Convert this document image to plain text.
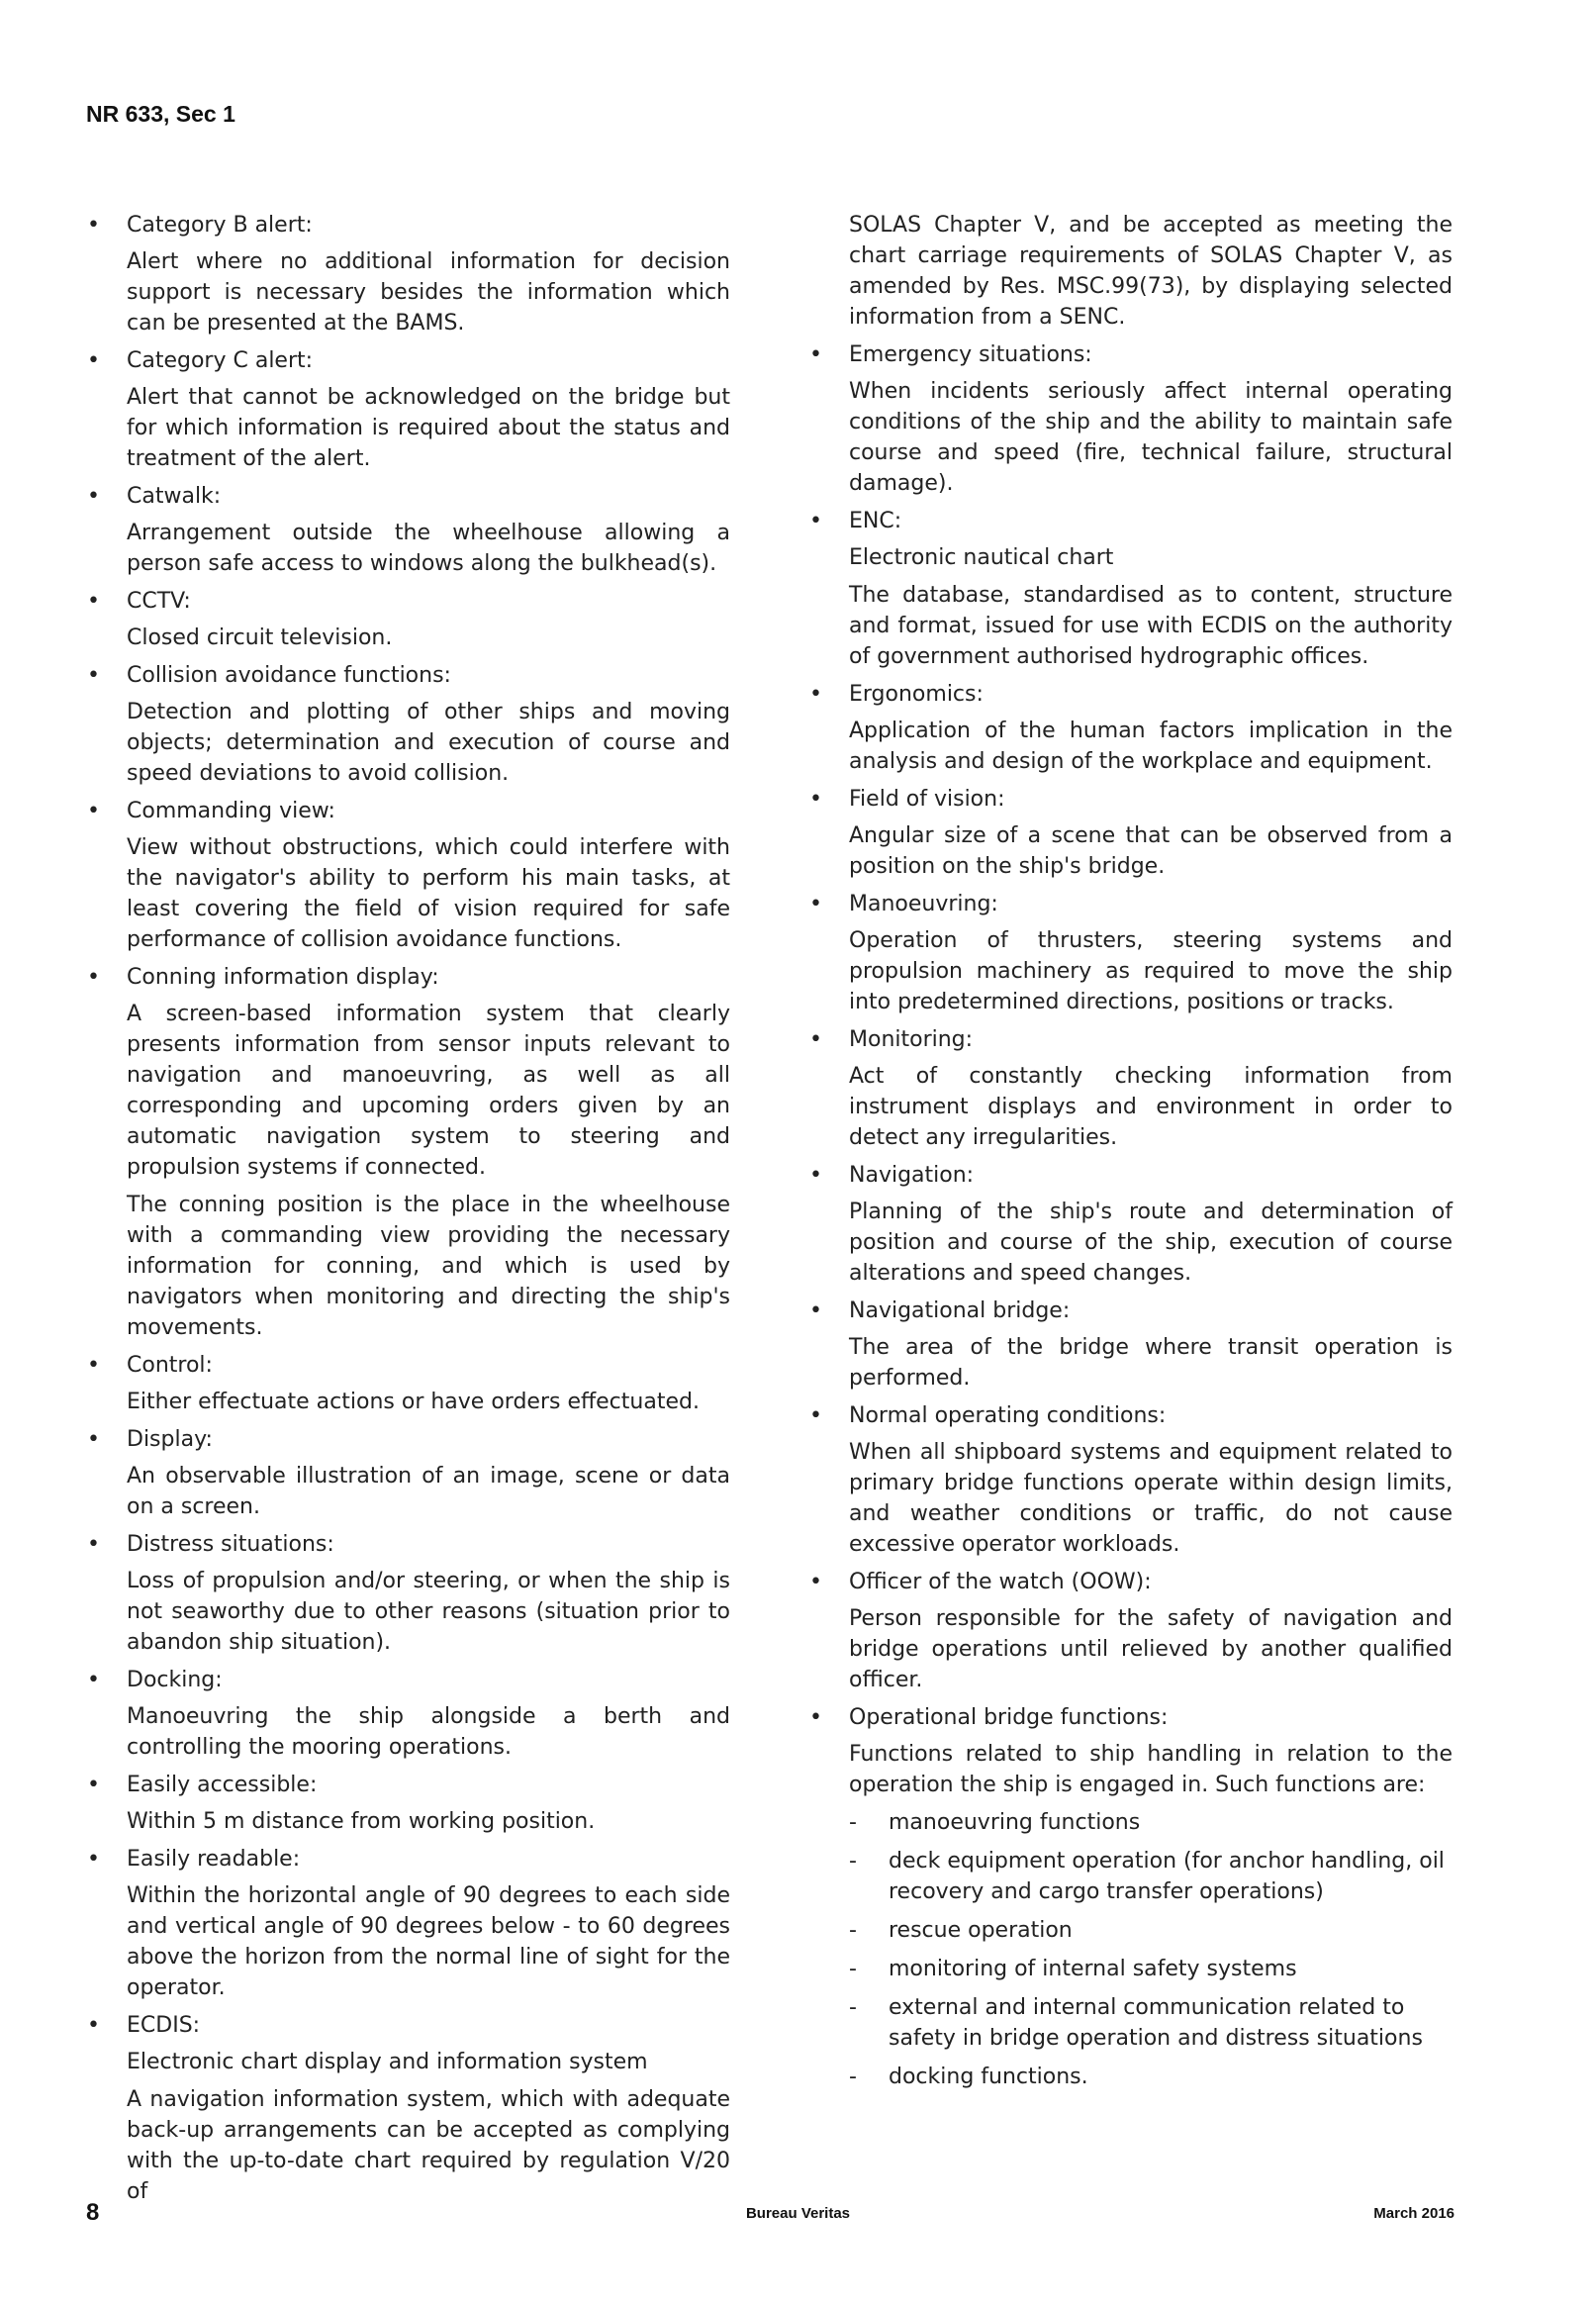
NR 633, Sec 1
• Category B alert:

Alert where no additional information for decision support is necessary besides the information which can be presented at the BAMS.

• Category C alert:

Alert that cannot be acknowledged on the bridge but for which information is required about the status and treatment of the alert.

• Catwalk:

Arrangement outside the wheelhouse allowing a person safe access to windows along the bulkhead(s).

• CCTV:

Closed circuit television.

• Collision avoidance functions:

Detection and plotting of other ships and moving objects; determination and execution of course and speed deviations to avoid collision.

• Commanding view:

View without obstructions, which could interfere with the navigator's ability to perform his main tasks, at least covering the field of vision required for safe performance of collision avoidance functions.

• Conning information display:

A screen-based information system that clearly presents information from sensor inputs relevant to navigation and manoeuvring, as well as all corresponding and upcoming orders given by an automatic navigation system to steering and propulsion systems if connected.

The conning position is the place in the wheelhouse with a commanding view providing the necessary information for conning, and which is used by navigators when monitoring and directing the ship's movements.

• Control:

Either effectuate actions or have orders effectuated.

• Display:

An observable illustration of an image, scene or data on a screen.

• Distress situations:

Loss of propulsion and/or steering, or when the ship is not seaworthy due to other reasons (situation prior to abandon ship situation).

• Docking:

Manoeuvring the ship alongside a berth and controlling the mooring operations.

• Easily accessible:

Within 5 m distance from working position.

• Easily readable:

Within the horizontal angle of 90 degrees to each side and vertical angle of 90 degrees below - to 60 degrees above the horizon from the normal line of sight for the operator.

• ECDIS:

Electronic chart display and information system

A navigation information system, which with adequate back-up arrangements can be accepted as complying with the up-to-date chart required by regulation V/20 of

SOLAS Chapter V, and be accepted as meeting the chart carriage requirements of SOLAS Chapter V, as amended by Res. MSC.99(73), by displaying selected information from a SENC.

• Emergency situations:

When incidents seriously affect internal operating conditions of the ship and the ability to maintain safe course and speed (fire, technical failure, structural damage).

• ENC:

Electronic nautical chart

The database, standardised as to content, structure and format, issued for use with ECDIS on the authority of government authorised hydrographic offices.

• Ergonomics:

Application of the human factors implication in the analysis and design of the workplace and equipment.

• Field of vision:

Angular size of a scene that can be observed from a position on the ship's bridge.

• Manoeuvring:

Operation of thrusters, steering systems and propulsion machinery as required to move the ship into predetermined directions, positions or tracks.

• Monitoring:

Act of constantly checking information from instrument displays and environment in order to detect any irregularities.

• Navigation:

Planning of the ship's route and determination of position and course of the ship, execution of course alterations and speed changes.

• Navigational bridge:

The area of the bridge where transit operation is performed.

• Normal operating conditions:

When all shipboard systems and equipment related to primary bridge functions operate within design limits, and weather conditions or traffic, do not cause excessive operator workloads.

• Officer of the watch (OOW):

Person responsible for the safety of navigation and bridge operations until relieved by another qualified officer.

• Operational bridge functions:

Functions related to ship handling in relation to the operation the ship is engaged in. Such functions are:

- manoeuvring functions
- deck equipment operation (for anchor handling, oil recovery and cargo transfer operations)
- rescue operation
- monitoring of internal safety systems
- external and internal communication related to safety in bridge operation and distress situations
- docking functions.
8	Bureau Veritas	March 2016
